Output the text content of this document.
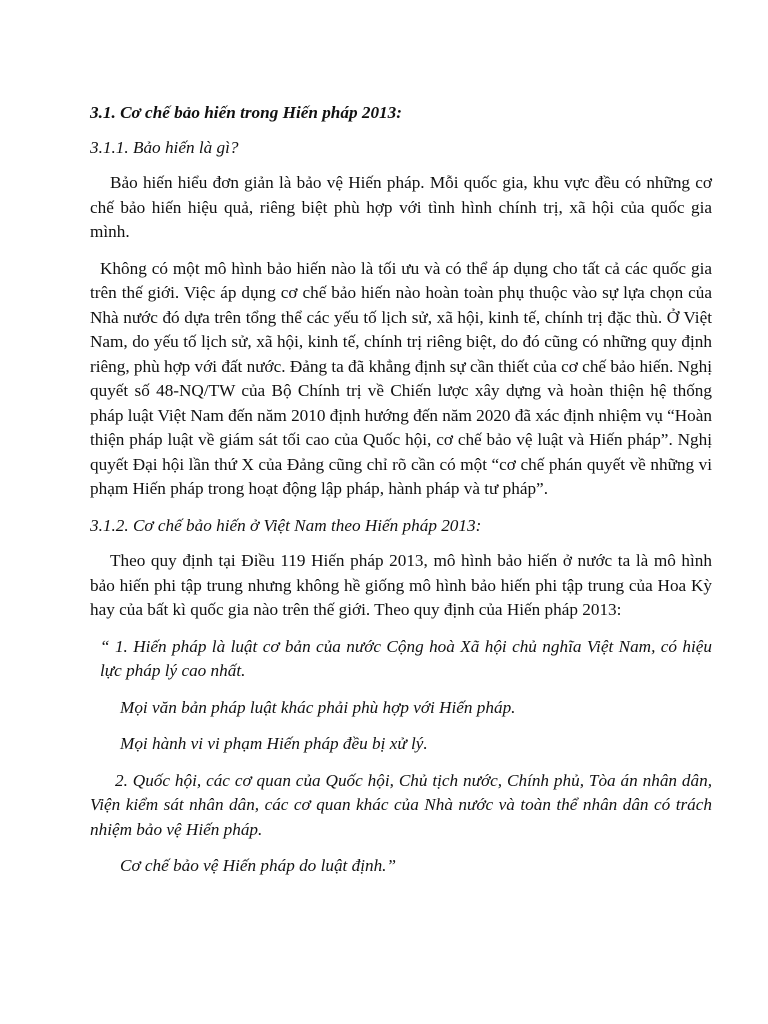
3.1. Cơ chế bảo hiến trong Hiến pháp 2013:

3.1.1. Bảo hiến là gì?

Bảo hiến hiểu đơn giản là bảo vệ Hiến pháp. Mỗi quốc gia, khu vực đều có những cơ chế bảo hiến hiệu quả, riêng biệt phù hợp với tình hình chính trị, xã hội của quốc gia mình.

Không có một mô hình bảo hiến nào là tối ưu và có thể áp dụng cho tất cả các quốc gia trên thế giới. Việc áp dụng cơ chế bảo hiến nào hoàn toàn phụ thuộc vào sự lựa chọn của Nhà nước đó dựa trên tổng thể các yếu tố lịch sử, xã hội, kinh tế, chính trị đặc thù. Ở Việt Nam, do yếu tố lịch sử, xã hội, kinh tế, chính trị riêng biệt, do đó cũng có những quy định riêng, phù hợp với đất nước. Đảng ta đã khẳng định sự cần thiết của cơ chế bảo hiến. Nghị quyết số 48-NQ/TW của Bộ Chính trị về Chiến lược xây dựng và hoàn thiện hệ thống pháp luật Việt Nam đến năm 2010 định hướng đến năm 2020 đã xác định nhiệm vụ “Hoàn thiện pháp luật về giám sát tối cao của Quốc hội, cơ chế bảo vệ luật và Hiến pháp”. Nghị quyết Đại hội lần thứ X của Đảng cũng chỉ rõ cần có một “cơ chế phán quyết về những vi phạm Hiến pháp trong hoạt động lập pháp, hành pháp và tư pháp”.

3.1.2. Cơ chế bảo hiến ở Việt Nam theo Hiến pháp 2013:

Theo quy định tại Điều 119 Hiến pháp 2013, mô hình bảo hiến ở nước ta là mô hình bảo hiến phi tập trung nhưng không hề giống mô hình bảo hiến phi tập trung của Hoa Kỳ hay của bất kì quốc gia nào trên thế giới. Theo quy định của Hiến pháp 2013:

“ 1. Hiến pháp là luật cơ bản của nước Cộng hoà Xã hội chủ nghĩa Việt Nam, có hiệu lực pháp lý cao nhất.

Mọi văn bản pháp luật khác phải phù hợp với Hiến pháp.

Mọi hành vi vi phạm Hiến pháp đều bị xử lý.

2. Quốc hội, các cơ quan của Quốc hội, Chủ tịch nước, Chính phủ, Tòa án nhân dân, Viện kiểm sát nhân dân, các cơ quan khác của Nhà nước và toàn thể nhân dân có trách nhiệm bảo vệ Hiến pháp.

Cơ chế bảo vệ Hiến pháp do luật định.”
